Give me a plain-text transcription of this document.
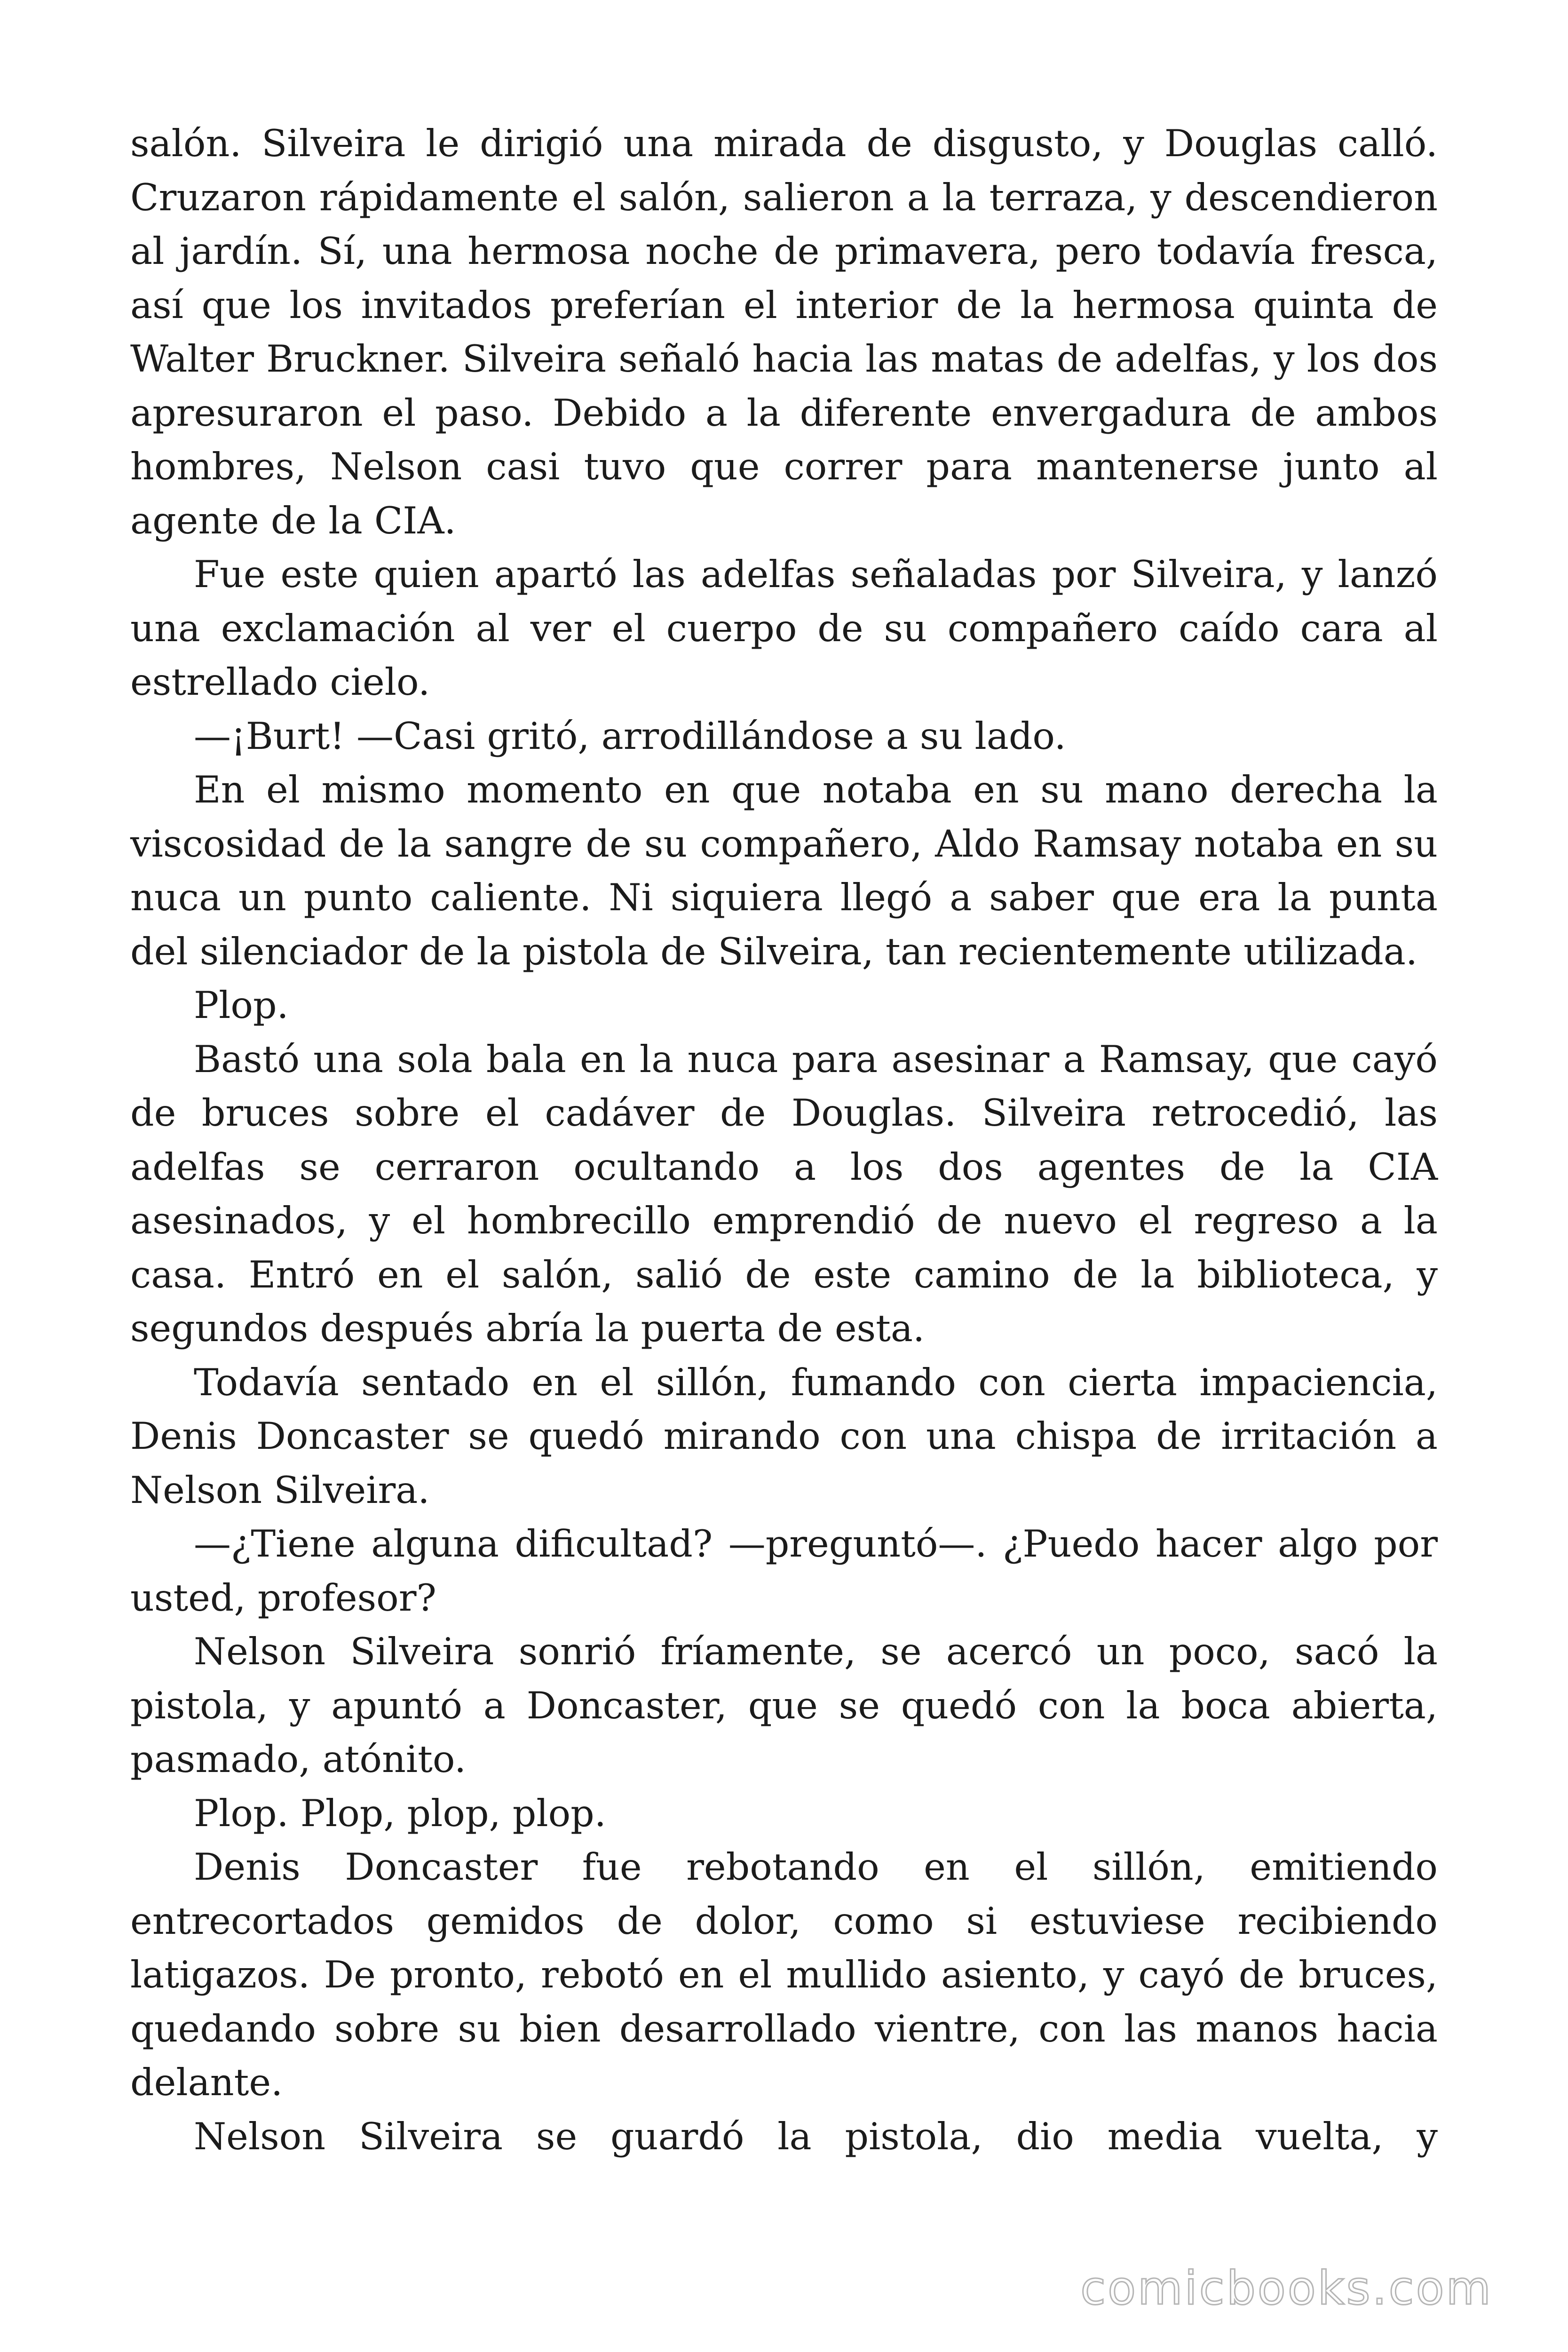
salón. Silveira le dirigió una mirada de disgusto, y Douglas calló. Cruzaron rápidamente el salón, salieron a la terraza, y descendieron al jardín. Sí, una hermosa noche de primavera, pero todavía fresca, así que los invitados preferían el interior de la hermosa quinta de Walter Bruckner. Silveira señaló hacia las matas de adelfas, y los dos apresuraron el paso. Debido a la diferente envergadura de ambos hombres, Nelson casi tuvo que correr para mantenerse junto al agente de la CIA.

Fue este quien apartó las adelfas señaladas por Silveira, y lanzó una exclamación al ver el cuerpo de su compañero caído cara al estrellado cielo.

—¡Burt! —Casi gritó, arrodillándose a su lado.

En el mismo momento en que notaba en su mano derecha la viscosidad de la sangre de su compañero, Aldo Ramsay notaba en su nuca un punto caliente. Ni siquiera llegó a saber que era la punta del silenciador de la pistola de Silveira, tan recientemente utilizada.

Plop.

Bastó una sola bala en la nuca para asesinar a Ramsay, que cayó de bruces sobre el cadáver de Douglas. Silveira retrocedió, las adelfas se cerraron ocultando a los dos agentes de la CIA asesinados, y el hombrecillo emprendió de nuevo el regreso a la casa. Entró en el salón, salió de este camino de la biblioteca, y segundos después abría la puerta de esta.

Todavía sentado en el sillón, fumando con cierta impaciencia, Denis Doncaster se quedó mirando con una chispa de irritación a Nelson Silveira.

—¿Tiene alguna dificultad? —preguntó—. ¿Puedo hacer algo por usted, profesor?

Nelson Silveira sonrió fríamente, se acercó un poco, sacó la pistola, y apuntó a Doncaster, que se quedó con la boca abierta, pasmado, atónito.

Plop. Plop, plop, plop.

Denis Doncaster fue rebotando en el sillón, emitiendo entrecortados gemidos de dolor, como si estuviese recibiendo latigazos. De pronto, rebotó en el mullido asiento, y cayó de bruces, quedando sobre su bien desarrollado vientre, con las manos hacia delante.

Nelson Silveira se guardó la pistola, dio media vuelta, y

comicbooks.com
